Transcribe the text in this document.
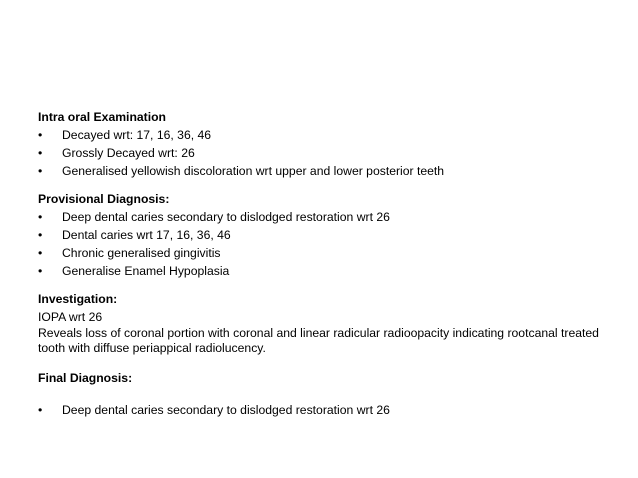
Intra oral Examination
• Decayed wrt: 17, 16, 36, 46
• Grossly Decayed wrt: 26
• Generalised yellowish discoloration wrt upper and lower posterior teeth
Provisional Diagnosis:
• Deep dental caries secondary to dislodged restoration wrt 26
• Dental caries wrt 17, 16, 36, 46
• Chronic generalised gingivitis
• Generalise Enamel Hypoplasia
Investigation:
IOPA wrt 26
Reveals loss of coronal portion with coronal and linear radicular radioopacity indicating rootcanal treated tooth with diffuse periappical radiolucency.
Final Diagnosis:
• Deep dental caries secondary to dislodged restoration wrt 26
